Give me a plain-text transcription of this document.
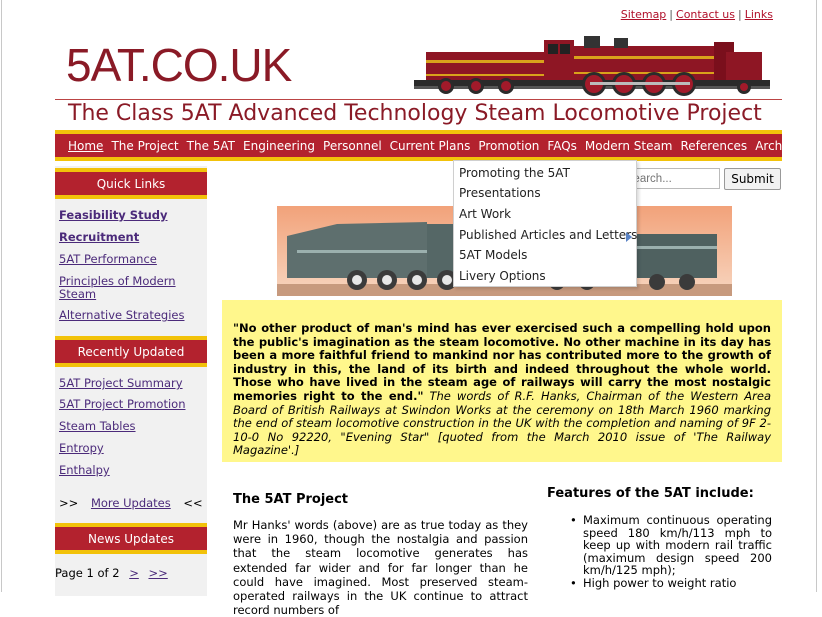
Sitemap | Contact us | Links
5AT.CO.UK
The Class 5AT Advanced Technology Steam Locomotive Project
Home The Project The 5AT Engineering Personnel Current Plans Promotion FAQs Modern Steam References Archives
Quick Links
Feasibility Study
Recruitment
5AT Performance
Principles of Modern Steam
Alternative Strategies
Recently Updated
5AT Project Summary
5AT Project Promotion
Steam Tables
Entropy
Enthalpy
>> More Updates <<
News Updates
Page 1 of 2 > >>
Enter search...
Submit
"No other product of man's mind has ever exercised such a compelling hold upon the public's imagination as the steam locomotive. No other machine in its day has been a more faithful friend to mankind nor has contributed more to the growth of industry in this, the land of its birth and indeed throughout the whole world. Those who have lived in the steam age of railways will carry the most nostalgic memories right to the end." The words of R.F. Hanks, Chairman of the Western Area Board of British Railways at Swindon Works at the ceremony on 18th March 1960 marking the end of steam locomotive construction in the UK with the completion and naming of 9F 2-10-0 No 92220, "Evening Star" [quoted from the March 2010 issue of 'The Railway Magazine'.]
The 5AT Project
Mr Hanks' words (above) are as true today as they were in 1960, though the nostalgia and passion that the steam locomotive generates has extended far wider and for far longer than he could have imagined. Most preserved steam-operated railways in the UK continue to attract record numbers of
Features of the 5AT include:
• Maximum continuous operating speed 180 km/h/113 mph to keep up with modern rail traffic (maximum design speed 200 km/h/125 mph);
• High power to weight ratio
Promoting the 5AT
Presentations
Art Work
Published Articles and Letters
5AT Models
Livery Options
